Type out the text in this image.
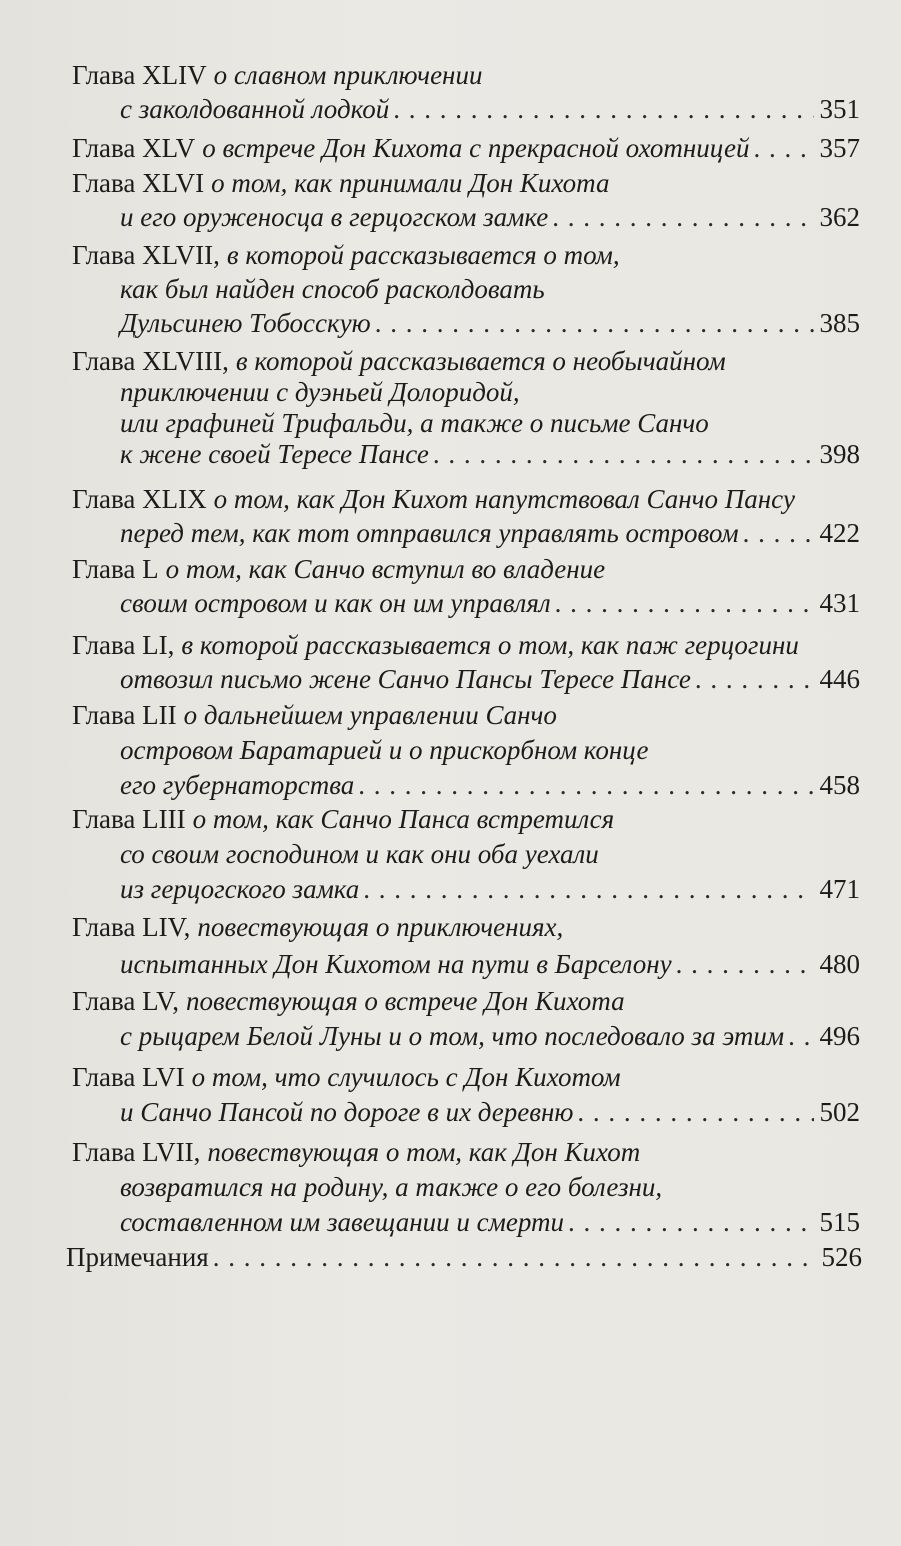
Глава XLIV о славном приключении
с заколдованной лодкой . . .	351
Глава XLV о встрече Дон Кихота с прекрасной охотницей . . .	357
Глава XLVI о том, как принимали Дон Кихота
и его оруженосца в герцогском замке . . .	362
Глава XLVII, в которой рассказывается о том,
как был найден способ расколдовать
Дульсинею Тобосскую . . .	385
Глава XLVIII, в которой рассказывается о необычайном
приключении с дуэньей Долоридой,
или графиней Трифальди, а также о письме Санчо
к жене своей Тересе Пансе . . .	398
Глава XLIX о том, как Дон Кихот напутствовал Санчо Пансу
перед тем, как тот отправился управлять островом . . .	422
Глава L о том, как Санчо вступил во владение
своим островом и как он им управлял . . .	431
Глава LI, в которой рассказывается о том, как паж герцогини
отвозил письмо жене Санчо Пансы Тересе Пансе . . .	446
Глава LII о дальнейшем управлении Санчо
островом Баратарией и о прискорбном конце
его губернаторства . . .	458
Глава LIII о том, как Санчо Панса встретился
со своим господином и как они оба уехали
из герцогского замка . . .	471
Глава LIV, повествующая о приключениях,
испытанных Дон Кихотом на пути в Барселону . . .	480
Глава LV, повествующая о встрече Дон Кихота
с рыцарем Белой Луны и о том, что последовало за этим . . . 496
Глава LVI о том, что случилось с Дон Кихотом
и Санчо Пансой по дороге в их деревню . . .	502
Глава LVII, повествующая о том, как Дон Кихот
возвратился на родину, а также о его болезни,
составленном им завещании и смерти . . .	515
Примечания . . .	526
